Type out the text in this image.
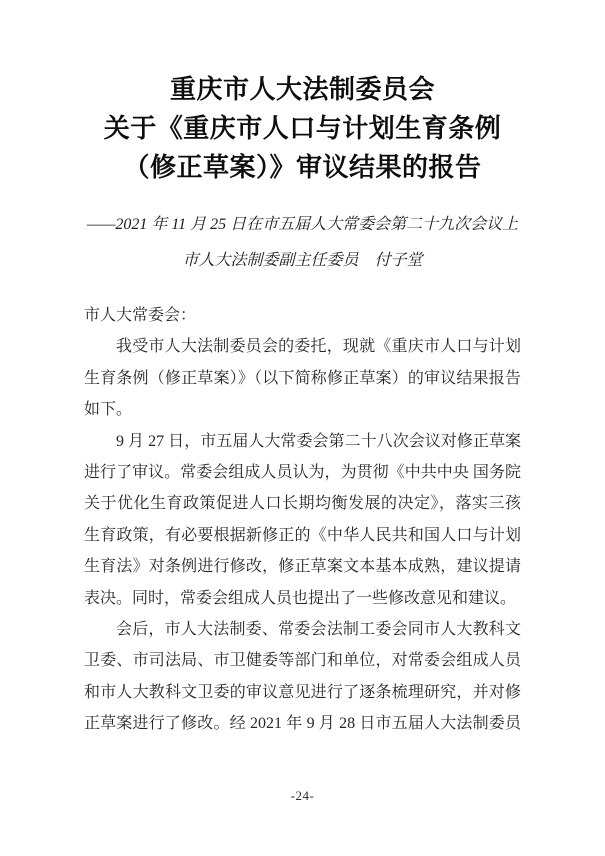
重庆市人大法制委员会
关于《重庆市人口与计划生育条例
（修正草案）》审议结果的报告
——2021 年 11 月 25 日在市五届人大常委会第二十九次会议上
市人大法制委副主任委员　付子堂

市人大常委会：

我受市人大法制委员会的委托，现就《重庆市人口与计划生育条例（修正草案）》（以下简称修正草案）的审议结果报告如下。

9 月 27 日，市五届人大常委会第二十八次会议对修正草案进行了审议。常委会组成人员认为，为贯彻《中共中央 国务院关于优化生育政策促进人口长期均衡发展的决定》，落实三孩生育政策，有必要根据新修正的《中华人民共和国人口与计划生育法》对条例进行修改，修正草案文本基本成熟，建议提请表决。同时，常委会组成人员也提出了一些修改意见和建议。

会后，市人大法制委、常委会法制工委会同市人大教科文卫委、市司法局、市卫健委等部门和单位，对常委会组成人员和市人大教科文卫委的审议意见进行了逐条梳理研究，并对修正草案进行了修改。经 2021 年 9 月 28 日市五届人大法制委员

-24-
